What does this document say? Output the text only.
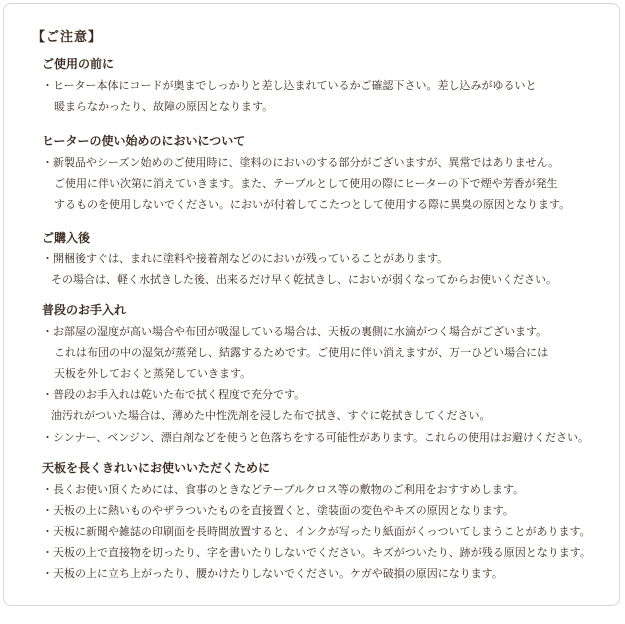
【ご注意】
ご使用の前に
・ヒーター本体にコードが奥までしっかりと差し込まれているかご確認下さい。差し込みがゆるいと
暖まらなかったり、故障の原因となります。
ヒーターの使い始めのにおいについて
・新製品やシーズン始めのご使用時に、塗料のにおいのする部分がございますが、異常ではありません。
ご使用に伴い次第に消えていきます。また、テーブルとして使用の際にヒーターの下で煙や芳香が発生
するものを使用しないでください。においが付着してこたつとして使用する際に異臭の原因となります。
ご購入後
・開梱後すぐは、まれに塗料や接着剤などのにおいが残っていることがあります。
その場合は、軽く水拭きした後、出来るだけ早く乾拭きし、においが弱くなってからお使いください。
普段のお手入れ
・お部屋の湿度が高い場合や布団が吸湿している場合は、天板の裏側に水滴がつく場合がございます。
これは布団の中の湿気が蒸発し、結露するためです。ご使用に伴い消えますが、万一ひどい場合には
天板を外しておくと蒸発していきます。
・普段のお手入れは乾いた布で拭く程度で充分です。
油汚れがついた場合は、薄めた中性洗剤を浸した布で拭き、すぐに乾拭きしてください。
・シンナー、ベンジン、漂白剤などを使うと色落ちをする可能性があります。これらの使用はお避けください。
天板を長くきれいにお使いいただくために
・長くお使い頂くためには、食事のときなどテーブルクロス等の敷物のご利用をおすすめします。
・天板の上に熱いものやザラついたものを直接置くと、塗装面の変色やキズの原因となります。
・天板に新聞や雑誌の印刷面を長時間放置すると、インクが写ったり紙面がくっついてしまうことがあります。
・天板の上で直接物を切ったり、字を書いたりしないでください。キズがついたり、跡が残る原因となります。
・天板の上に立ち上がったり、腰かけたりしないでください。ケガや破損の原因になります。
